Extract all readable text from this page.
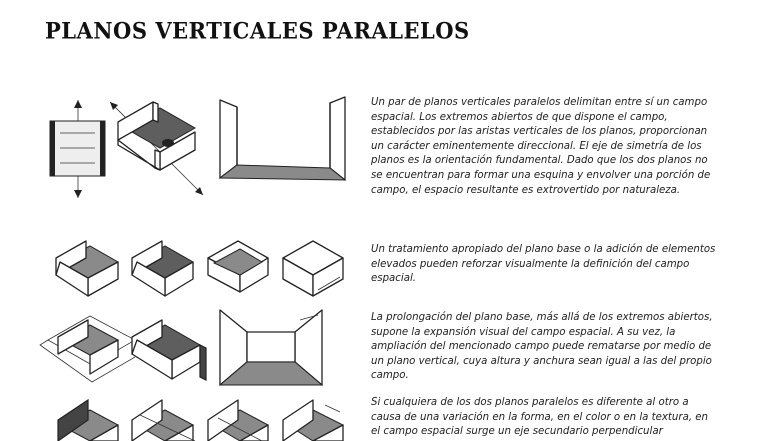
PLANOS VERTICALES PARALELOS

Un par de planos verticales paralelos delimitan entre sí un campo espacial. Los extremos abiertos de que dispone el campo, establecidos por las aristas verticales de los planos, proporcionan un carácter eminentemente direccional. El eje de simetría de los planos es la orientación fundamental. Dado que los dos planos no se encuentran para formar una esquina y envolver una porción de campo, el espacio resultante es extrovertido por naturaleza.

Un tratamiento apropiado del plano base o la adición de elementos elevados pueden reforzar visualmente la definición del campo espacial.

La prolongación del plano base, más allá de los extremos abiertos, supone la expansión visual del campo espacial. A su vez, la ampliación del mencionado campo puede rematarse por medio de un plano vertical, cuya altura y anchura sean igual a las del propio campo.

Si cualquiera de los dos planos paralelos es diferente al otro a causa de una variación en la forma, en el color o en la textura, en el campo espacial surge un eje secundario perpendicular
